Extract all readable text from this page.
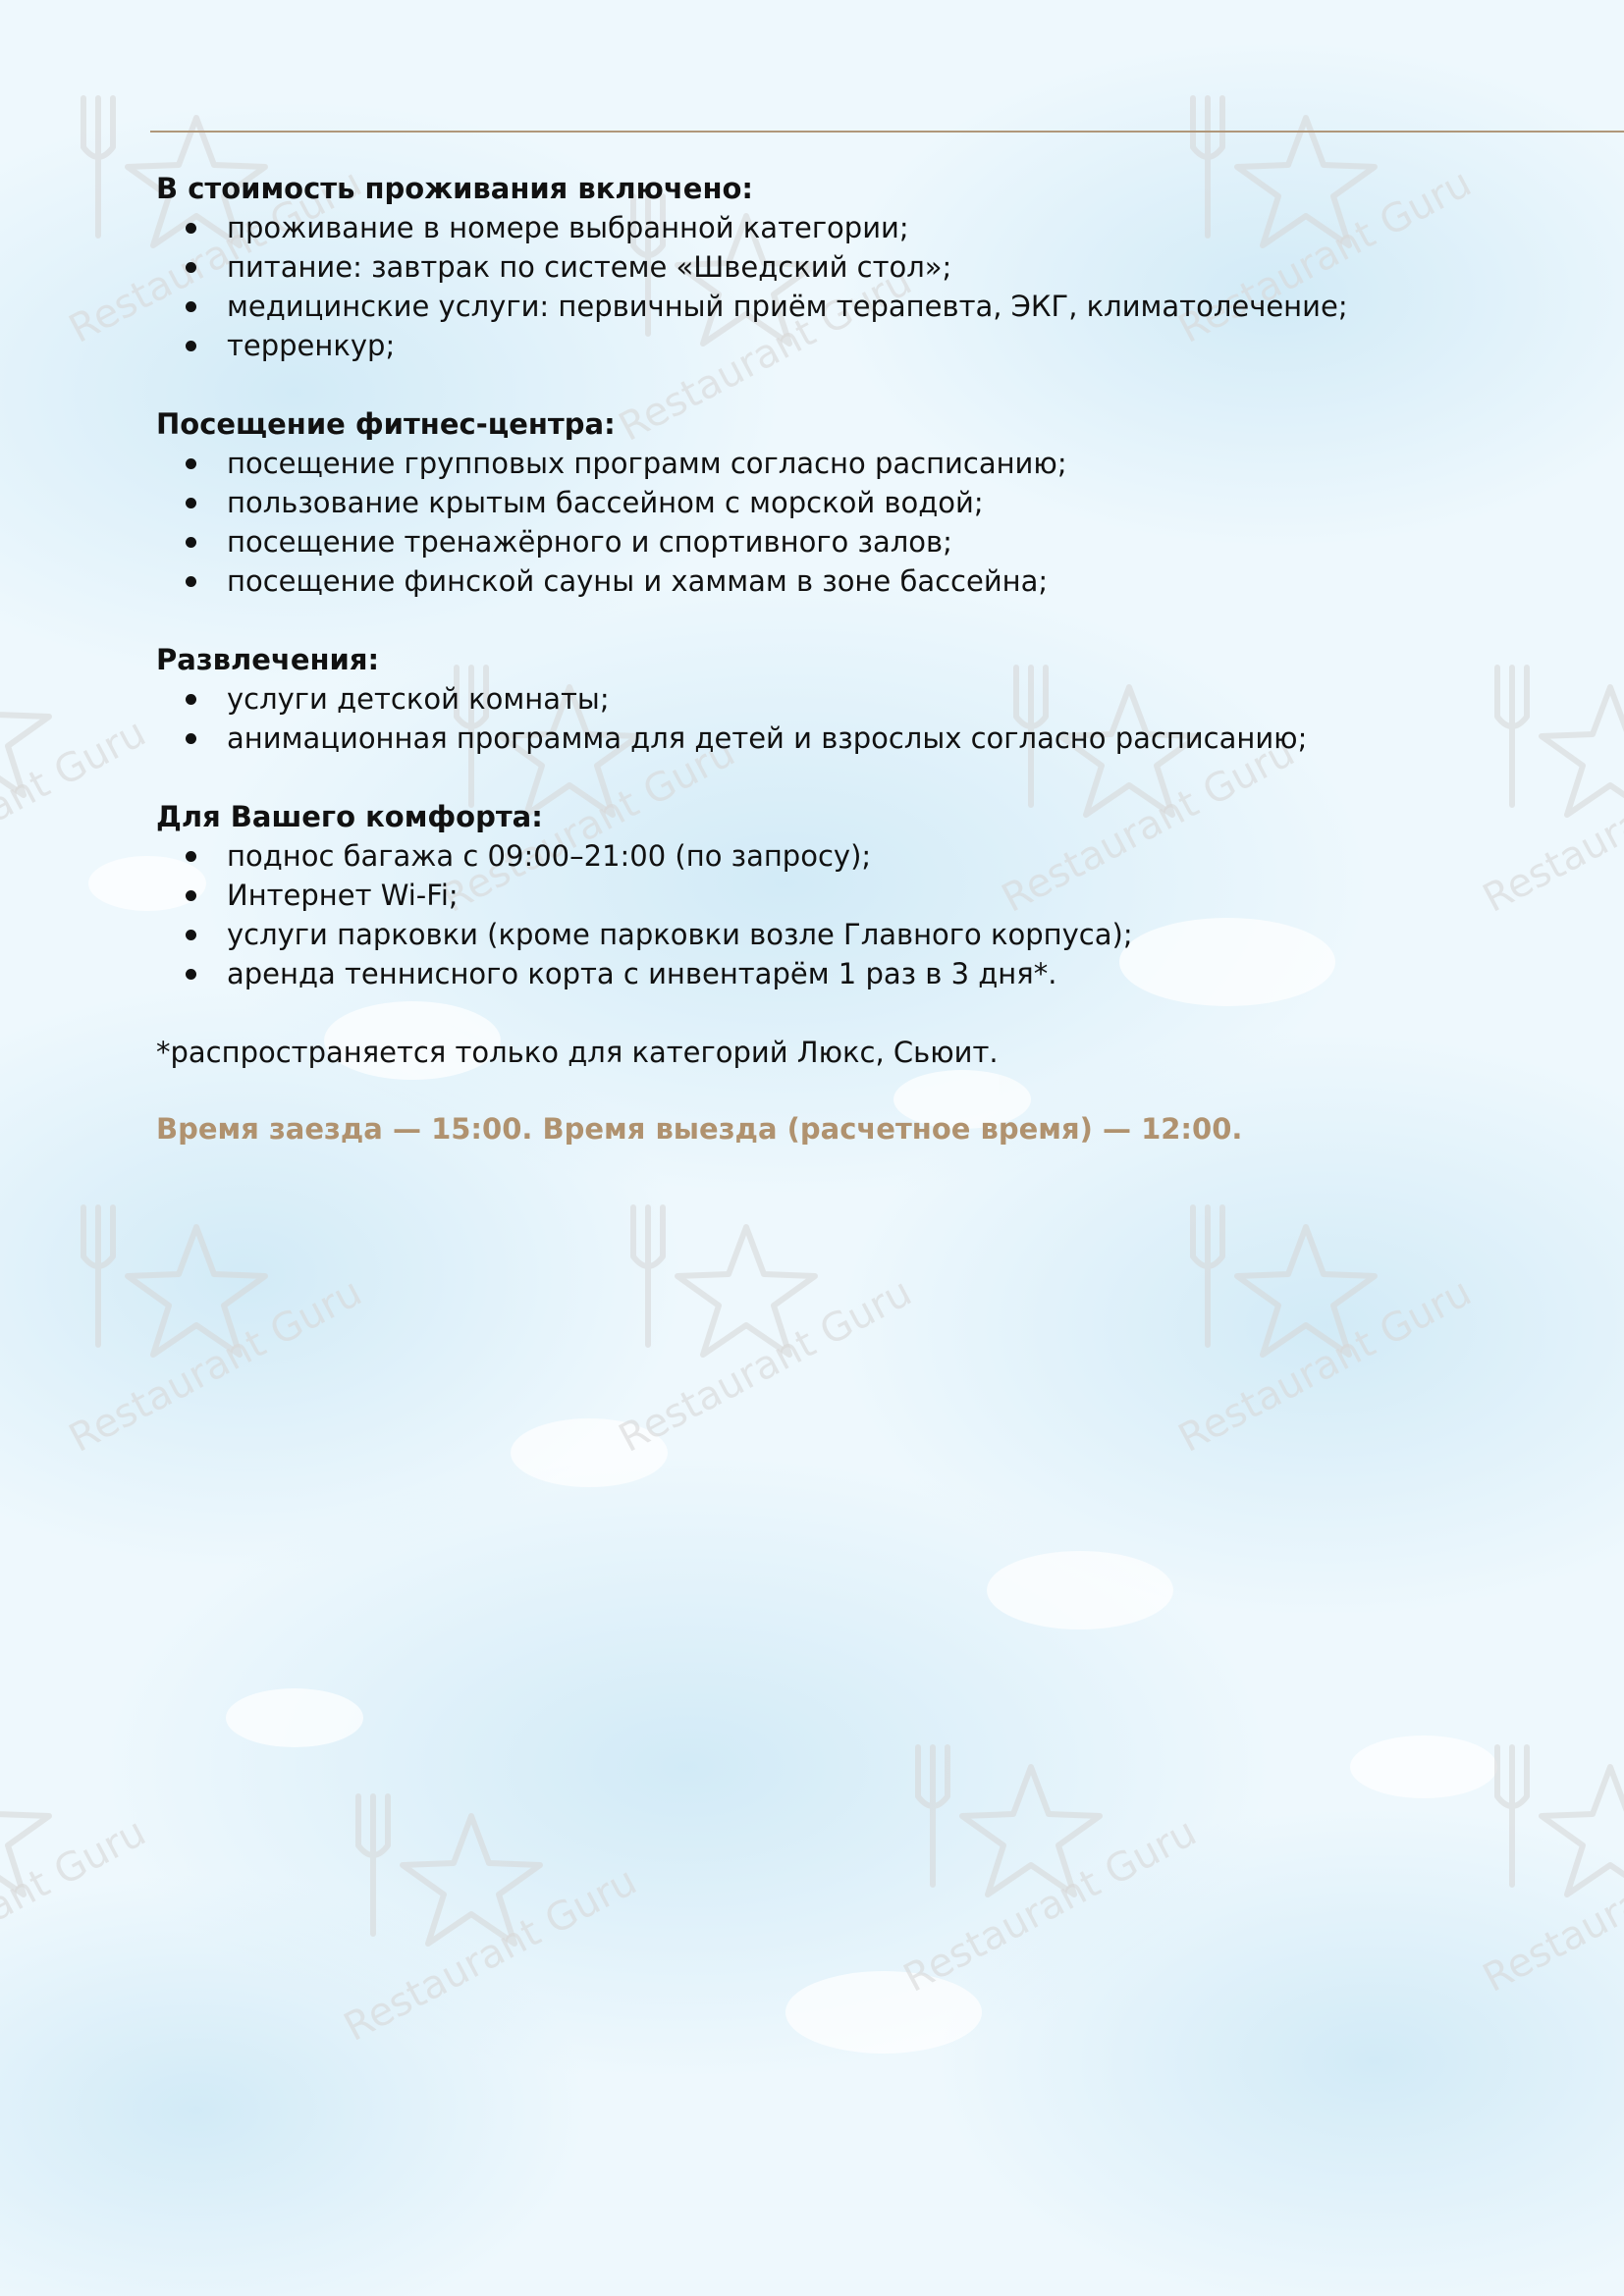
В стоимость проживания включено:

проживание в номере выбранной категории;
питание: завтрак по системе «Шведский стол»;
медицинские услуги: первичный приём терапевта, ЭКГ, климатолечение;
терренкур;

Посещение фитнес-центра:

посещение групповых программ согласно расписанию;
пользование крытым бассейном с морской водой;
посещение тренажёрного и спортивного залов;
посещение финской сауны и хаммам в зоне бассейна;

Развлечения:

услуги детской комнаты;
анимационная программа для детей и взрослых согласно расписанию;

Для Вашего комфорта:

поднос багажа с 09:00–21:00 (по запросу);
Интернет Wi-Fi;
услуги парковки (кроме парковки возле Главного корпуса);
аренда теннисного корта с инвентарём 1 раз в 3 дня*.

*распространяется только для категорий Люкс, Сьюит.

Время заезда — 15:00. Время выезда (расчетное время) — 12:00.
